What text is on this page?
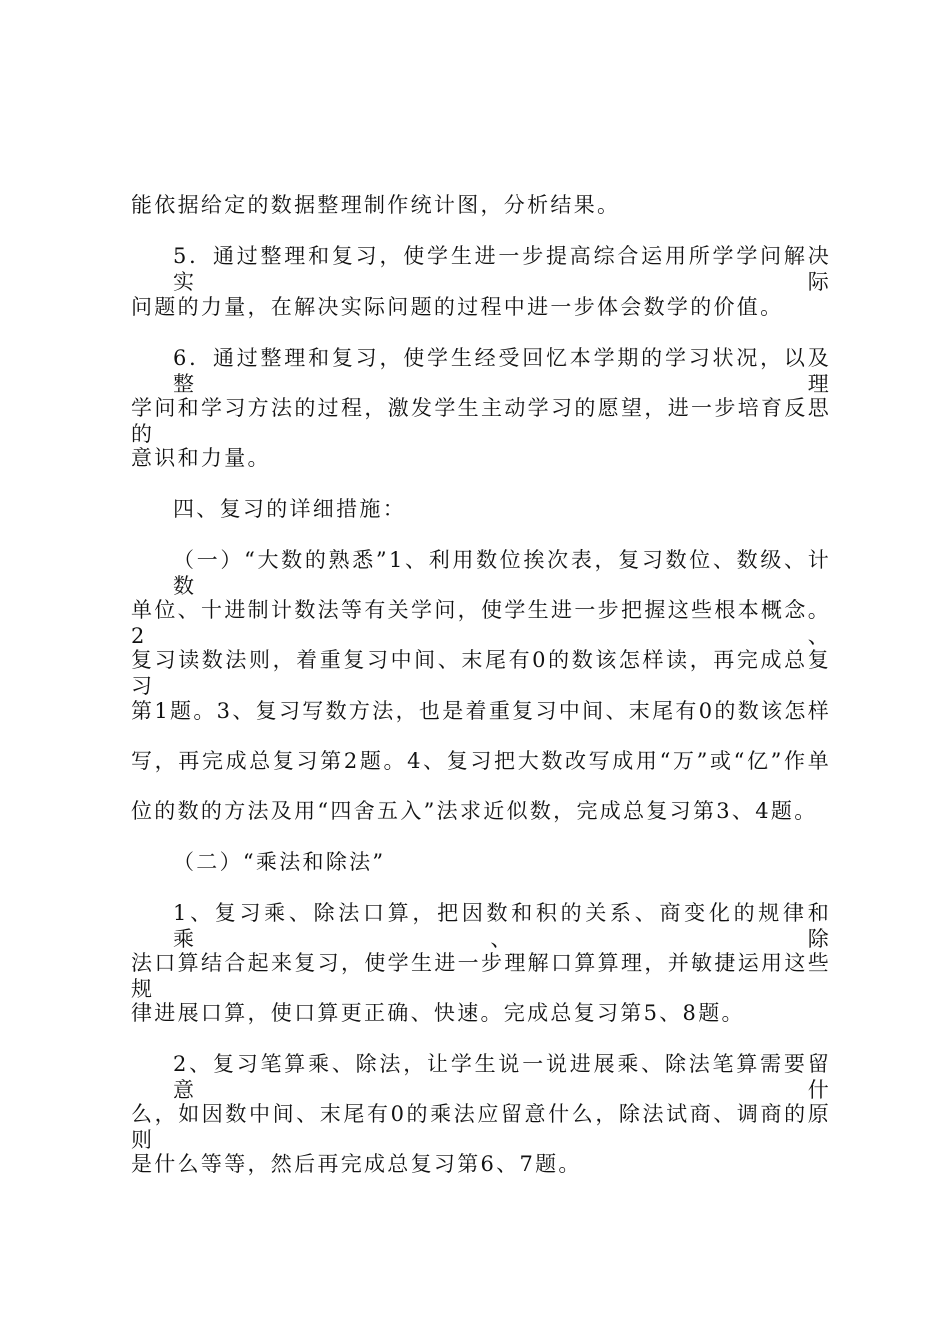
能依据给定的数据整理制作统计图，分析结果。
5．通过整理和复习，使学生进一步提高综合运用所学学问解决实际
问题的力量，在解决实际问题的过程中进一步体会数学的价值。
6．通过整理和复习，使学生经受回忆本学期的学习状况，以及整理
学问和学习方法的过程，激发学生主动学习的愿望，进一步培育反思的
意识和力量。
四、复习的详细措施：
（一）“大数的熟悉”1、利用数位挨次表，复习数位、数级、计数
单位、十进制计数法等有关学问，使学生进一步把握这些根本概念。2、
复习读数法则，着重复习中间、末尾有0的数该怎样读，再完成总复习
第1题。3、复习写数方法，也是着重复习中间、末尾有0的数该怎样
写，再完成总复习第2题。4、复习把大数改写成用“万”或“亿”作单
位的数的方法及用“四舍五入”法求近似数，完成总复习第3、4题。
（二）“乘法和除法”
1、复习乘、除法口算，把因数和积的关系、商变化的规律和乘、除
法口算结合起来复习，使学生进一步理解口算算理，并敏捷运用这些规
律进展口算，使口算更正确、快速。完成总复习第5、8题。
2、复习笔算乘、除法，让学生说一说进展乘、除法笔算需要留意什
么，如因数中间、末尾有0的乘法应留意什么，除法试商、调商的原则
是什么等等，然后再完成总复习第6、7题。
